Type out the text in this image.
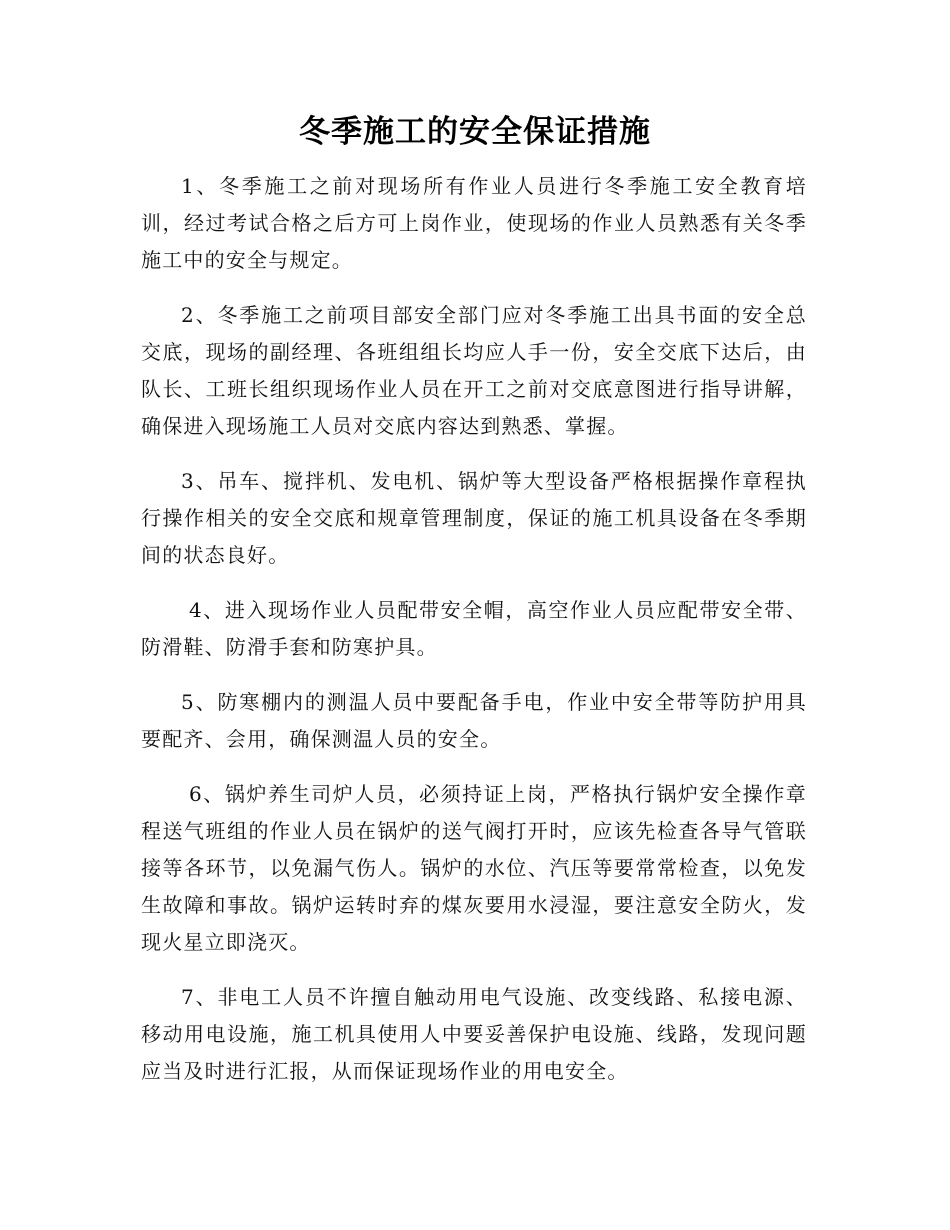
冬季施工的安全保证措施

1、冬季施工之前对现场所有作业人员进行冬季施工安全教育培训，经过考试合格之后方可上岗作业，使现场的作业人员熟悉有关冬季施工中的安全与规定。

2、冬季施工之前项目部安全部门应对冬季施工出具书面的安全总交底，现场的副经理、各班组组长均应人手一份，安全交底下达后，由队长、工班长组织现场作业人员在开工之前对交底意图进行指导讲解，确保进入现场施工人员对交底内容达到熟悉、掌握。

3、吊车、搅拌机、发电机、锅炉等大型设备严格根据操作章程执行操作相关的安全交底和规章管理制度，保证的施工机具设备在冬季期间的状态良好。

4、进入现场作业人员配带安全帽，高空作业人员应配带安全带、防滑鞋、防滑手套和防寒护具。

5、防寒棚内的测温人员中要配备手电，作业中安全带等防护用具要配齐、会用，确保测温人员的安全。

6、锅炉养生司炉人员，必须持证上岗，严格执行锅炉安全操作章程送气班组的作业人员在锅炉的送气阀打开时，应该先检查各导气管联接等各环节，以免漏气伤人。锅炉的水位、汽压等要常常检查，以免发生故障和事故。锅炉运转时弃的煤灰要用水浸湿，要注意安全防火，发现火星立即浇灭。

7、非电工人员不许擅自触动用电气设施、改变线路、私接电源、移动用电设施，施工机具使用人中要妥善保护电设施、线路，发现问题应当及时进行汇报，从而保证现场作业的用电安全。
